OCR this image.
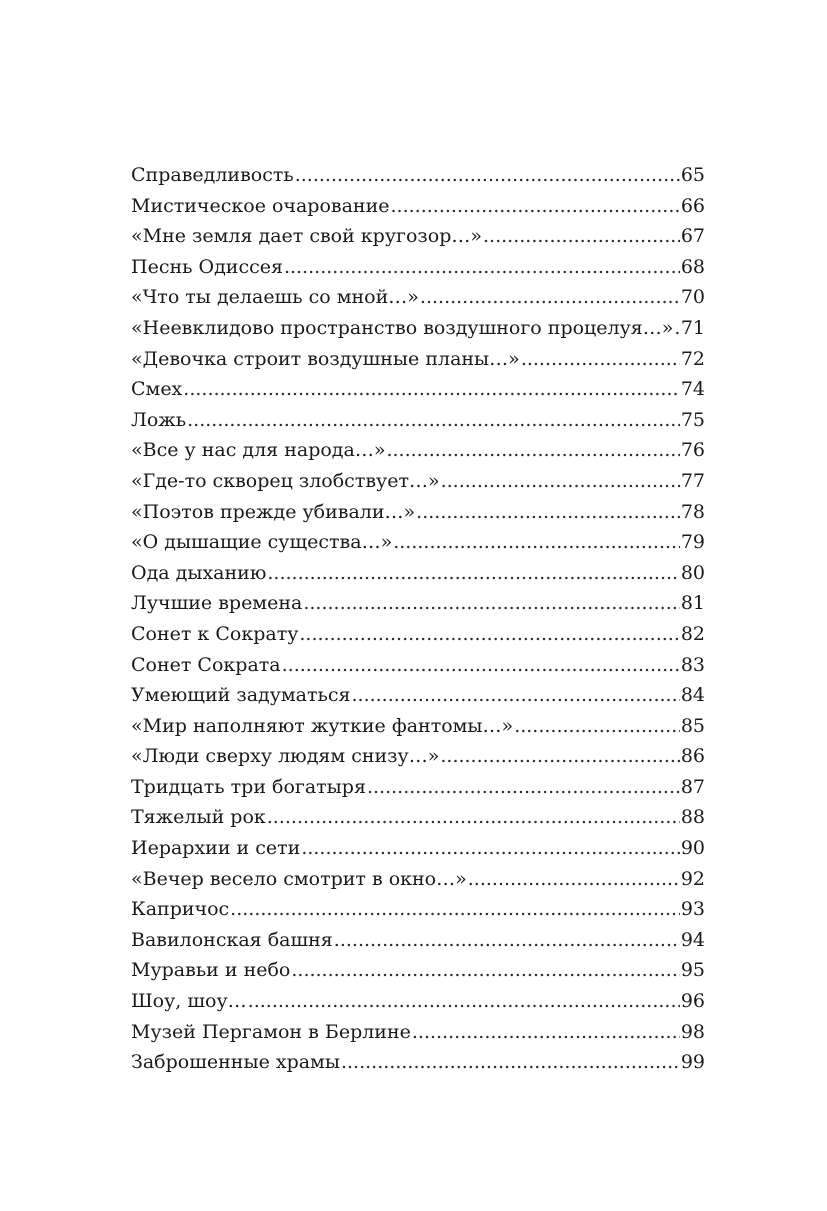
Справедливость .....	65
Мистическое очарование .....	66
«Мне земля дает свой кругозор…» .....	67
Песнь Одиссея .....	68
«Что ты делаешь со мной…» .....	70
«Неевклидово пространство воздушного процелуя…» ..... 71
«Девочка строит воздушные планы…» .....	72
Смех .....	74
Ложь .....	75
«Все у нас для народа…» .....	76
«Где-то скворец злобствует…» .....	77
«Поэтов прежде убивали…» .....	78
«О дышащие существа…» .....	79
Ода дыханию .....	80
Лучшие времена .....	81
Сонет к Сократу .....	82
Сонет Сократа .....	83
Умеющий задуматься .....	84
«Мир наполняют жуткие фантомы…» .....	85
«Люди сверху людям снизу…» .....	86
Тридцать три богатыря .....	87
Тяжелый рок .....	88
Иерархии и сети .....	90
«Вечер весело смотрит в окно…» .....	92
Капричос .....	93
Вавилонская башня .....	94
Муравьи и небо .....	95
Шоу, шоу… .....	96
Музей Пергамон в Берлине .....	98
Заброшенные храмы .....	99
